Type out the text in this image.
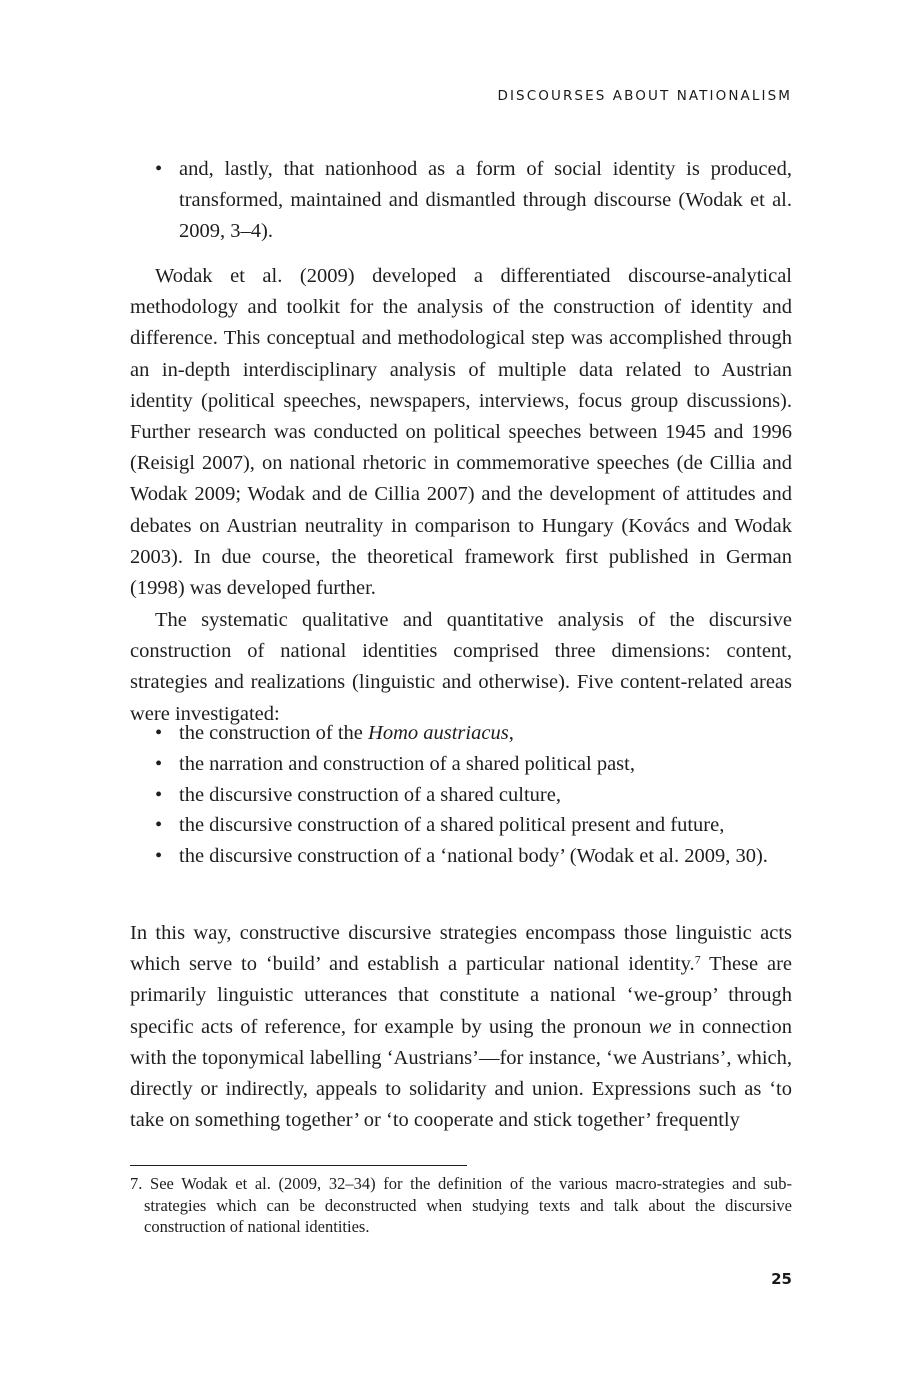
DISCOURSES ABOUT NATIONALISM
• and, lastly, that nationhood as a form of social identity is produced, transformed, maintained and dismantled through discourse (Wodak et al. 2009, 3–4).

Wodak et al. (2009) developed a differentiated discourse-analytical methodology and toolkit for the analysis of the construction of identity and difference. This conceptual and methodological step was accomplished through an in-depth interdisciplinary analysis of multiple data related to Austrian identity (political speeches, newspapers, interviews, focus group discussions). Further research was conducted on political speeches between 1945 and 1996 (Reisigl 2007), on national rhetoric in commemorative speeches (de Cillia and Wodak 2009; Wodak and de Cillia 2007) and the development of attitudes and debates on Austrian neutrality in comparison to Hungary (Kovács and Wodak 2003). In due course, the theoretical framework first published in German (1998) was developed further.

The systematic qualitative and quantitative analysis of the discursive construction of national identities comprised three dimensions: content, strategies and realizations (linguistic and otherwise). Five content-related areas were investigated:

• the construction of the Homo austriacus,
• the narration and construction of a shared political past,
• the discursive construction of a shared culture,
• the discursive construction of a shared political present and future,
• the discursive construction of a ‘national body’ (Wodak et al. 2009, 30).

In this way, constructive discursive strategies encompass those linguistic acts which serve to ‘build’ and establish a particular national identity.$^7$ These are primarily linguistic utterances that constitute a national ‘we-group’ through specific acts of reference, for example by using the pronoun we in connection with the toponymical labelling ‘Austrians’—for instance, ‘we Austrians’, which, directly or indirectly, appeals to solidarity and union. Expressions such as ‘to take on something together’ or ‘to cooperate and stick together’ frequently

7. See Wodak et al. (2009, 32–34) for the definition of the various macro-strategies and sub-strategies which can be deconstructed when studying texts and talk about the discursive construction of national identities.
25
